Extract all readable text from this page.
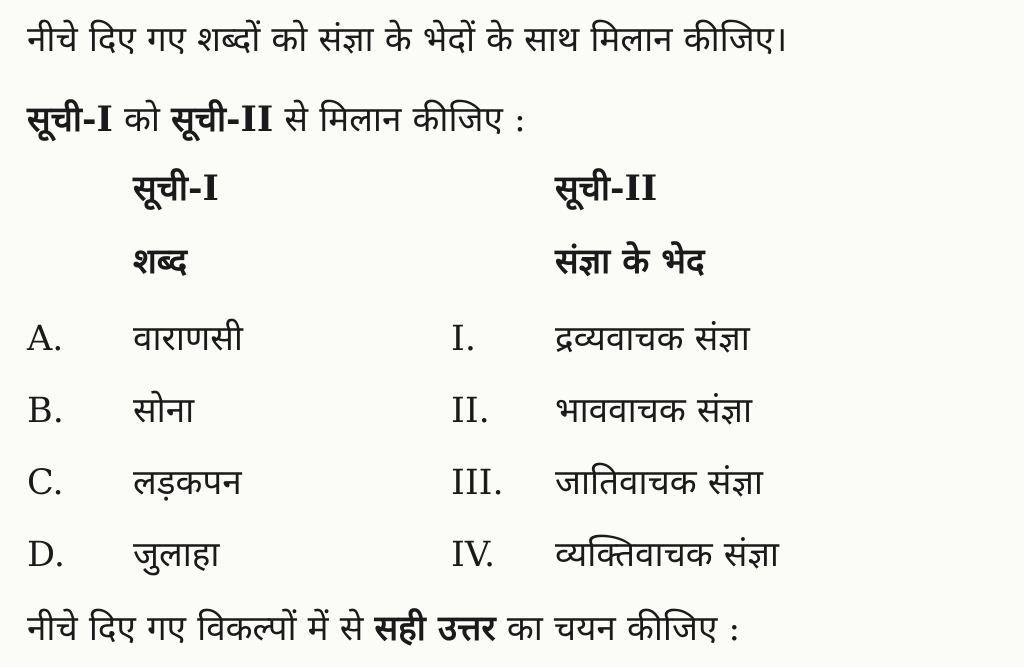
नीचे दिए गए शब्दों को संज्ञा के भेदों के साथ मिलान कीजिए।
सूची-I को सूची-II से मिलान कीजिए :
सूची-I	सूची-II
शब्द	संज्ञा के भेद
A. वाराणसी
B. सोना
C. लड़कपन
D. जुलाहा
I. द्रव्यवाचक संज्ञा
II. भाववाचक संज्ञा
III. जातिवाचक संज्ञा
IV. व्यक्तिवाचक संज्ञा
नीचे दिए गए विकल्पों में से सही उत्तर का चयन कीजिए :
